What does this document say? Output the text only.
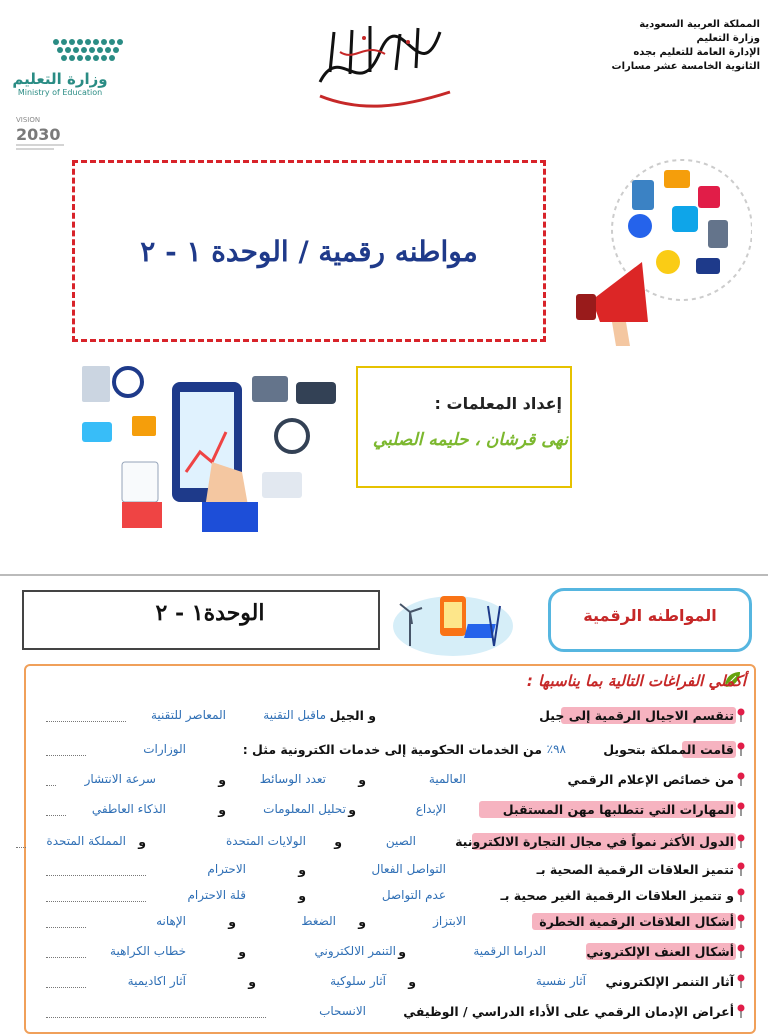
المملكة العربية السعودية
وزارة التعليم
الإدارة العامة للتعليم بجده
الثانوية الخامسة عشر مسارات
وزارة التعليم
Ministry of Education
VISION
2030
مواطنه رقمية / الوحدة ١ - ٢
إعداد المعلمات :
نهى قرشان ، حليمه الصلبي
الوحدة١ - ٢	المواطنه الرقمية
أكملي الفراغات التالية بما يناسبها :
تنقسم الاجيال الرقمية إلى جيل
ماقبل التقنية و الجيل
المعاصر للتقنية
قامت المملكة بتحويل
٩٨٪
من الخدمات الحكومية إلى خدمات الكترونية مثل :
الوزارات
من خصائص الإعلام الرقمي
العالمية
و
تعدد الوسائط
و
سرعة الانتشار
المهارات التي تتطلبها مهن المستقبل
الإبداع
و
تحليل المعلومات
و
الذكاء العاطفي
الدول الأكثر نمواً في مجال التجارة الالكترونية
الصين
و
الولايات المتحدة
و
المملكة المتحدة
تتميز العلاقات الرقمية الصحية بـ
التواصل الفعال
و
الاحترام
و تتميز العلاقات الرقمية الغير صحية بـ
عدم التواصل
و
قلة الاحترام
أشكال العلاقات الرقمية الخطرة
الابتزاز
و
الضغط
و
الإهانه
أشكال العنف الإلكتروني
الدراما الرقمية
و
التنمر الالكتروني
و
خطاب الكراهية
آثار التنمر الإلكتروني
آثار نفسية
و
آثار سلوكية
و
آثار اكاديمية
أعراض الإدمان الرقمي على الأداء الدراسي / الوظيفي
الانسحاب
